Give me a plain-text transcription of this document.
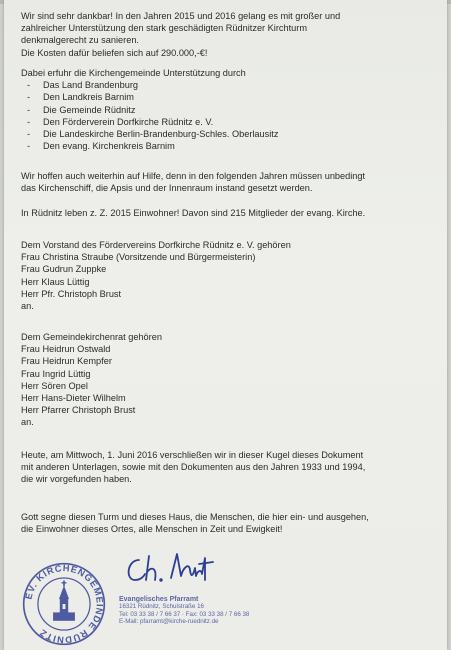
Wir sind sehr dankbar! In den Jahren 2015 und 2016 gelang es mit großer und
zahlreicher Unterstützung den stark geschädigten Rüdnitzer Kirchturm
denkmalgerecht zu sanieren.
Die Kosten dafür beliefen sich auf 290.000,-€!
Dabei erfuhr die Kirchengemeinde Unterstützung durch
- Das Land Brandenburg
- Den Landkreis Barnim
- Die Gemeinde Rüdnitz
- Den Förderverein Dorfkirche Rüdnitz e. V.
- Die Landeskirche Berlin-Brandenburg-Schles. Oberlausitz
- Den evang. Kirchenkreis Barnim
Wir hoffen auch weiterhin auf Hilfe, denn in den folgenden Jahren müssen unbedingt
das Kirchenschiff, die Apsis und der Innenraum instand gesetzt werden.
In Rüdnitz leben z. Z. 2015 Einwohner! Davon sind 215 Mitglieder der evang. Kirche.
Dem Vorstand des Fördervereins Dorfkirche Rüdnitz e. V. gehören
Frau Christina Straube (Vorsitzende und Bürgermeisterin)
Frau Gudrun Zuppke
Herr Klaus Lüttig
Herr Pfr. Christoph Brust
an.
Dem Gemeindekirchenrat gehören
Frau Heidrun Ostwald
Frau Heidrun Kempfer
Frau Ingrid Lüttig
Herr Sören Opel
Herr Hans-Dieter Wilhelm
Herr Pfarrer Christoph Brust
an.
Heute, am Mittwoch, 1. Juni 2016 verschließen wir in dieser Kugel dieses Dokument
mit anderen Unterlagen, sowie mit den Dokumenten aus den Jahren 1933 und 1994,
die wir vorgefunden haben.
Gott segne diesen Turm und dieses Haus, die Menschen, die hier ein- und ausgehen,
die Einwohner dieses Ortes, alle Menschen in Zeit und Ewigkeit!
EV. KIRCHENGEMEINDE RÜDNITZ
Evangelisches Pfarramt
16321 Rüdnitz, Schulstraße 16
Tel: 03 33 38 / 7 66 37 · Fax: 03 33 38 / 7 66 38
E-Mail: pfarramt@kirche-ruednitz.de
